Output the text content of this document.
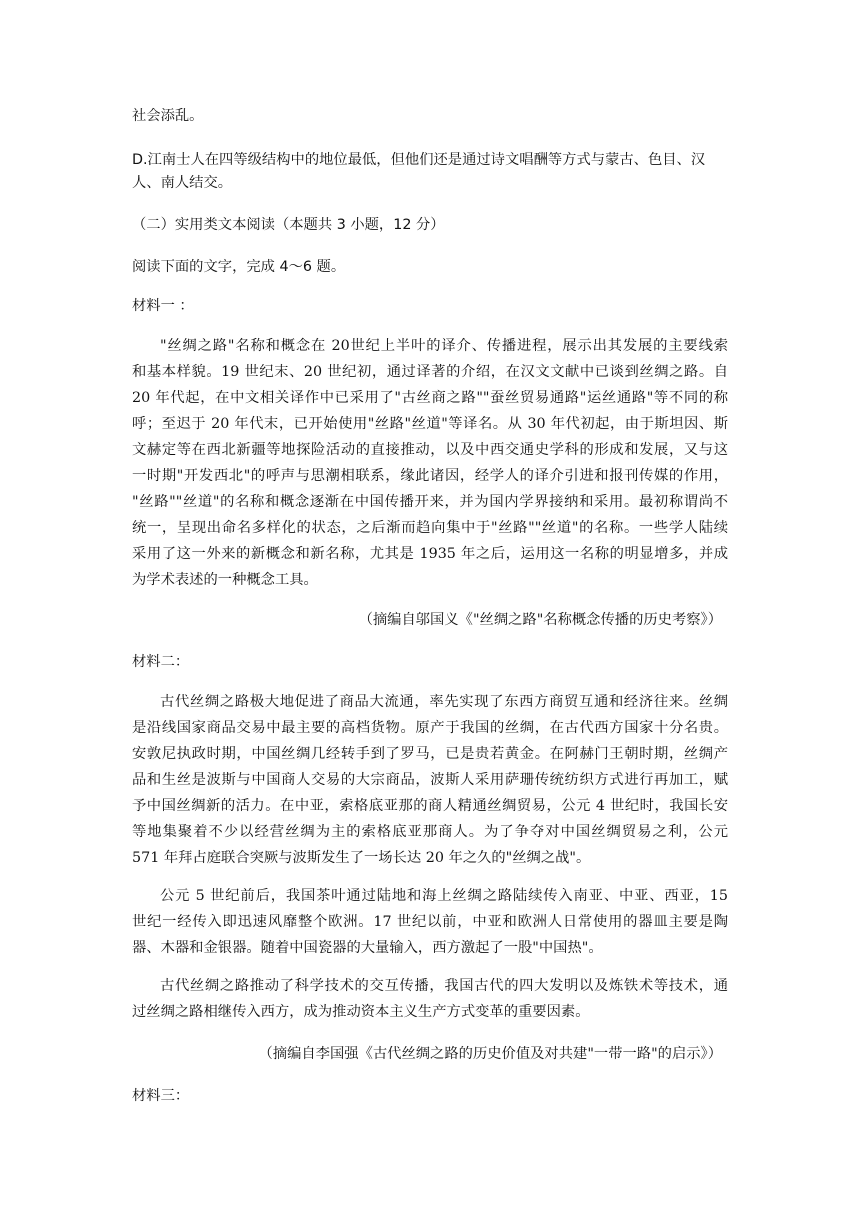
社会添乱。
D.江南士人在四等级结构中的地位最低，但他们还是通过诗文唱酬等方式与蒙古、色目、汉
人、南人结交。
（二）实用类文本阅读（本题共 3 小题，12 分）
阅读下面的文字，完成 4～6 题。
材料一 ：
"丝绸之路"名称和概念在 20世纪上半叶的译介、传播进程，展示出其发展的主要线索
和基本样貌。19 世纪末、20 世纪初，通过译著的介绍，在汉文文献中已谈到丝绸之路。自
20 年代起，在中文相关译作中已采用了"古丝商之路""蚕丝贸易通路"运丝通路"等不同的称
呼；至迟于 20 年代末，已开始使用"丝路"丝道"等译名。从 30 年代初起，由于斯坦因、斯
文赫定等在西北新疆等地探险活动的直接推动，以及中西交通史学科的形成和发展，又与这
一时期"开发西北"的呼声与思潮相联系，缘此诸因，经学人的译介引进和报刊传媒的作用，
"丝路""丝道"的名称和概念逐渐在中国传播开来，并为国内学界接纳和采用。最初称谓尚不
统一，呈现出命名多样化的状态，之后渐而趋向集中于"丝路""丝道"的名称。一些学人陆续
采用了这一外来的新概念和新名称，尤其是 1935 年之后，运用这一名称的明显增多，并成
为学术表述的一种概念工具。
（摘编自邬国义《"丝绸之路"名称概念传播的历史考察》）
材料二：
古代丝绸之路极大地促进了商品大流通，率先实现了东西方商贸互通和经济往来。丝绸
是沿线国家商品交易中最主要的高档货物。原产于我国的丝绸，在古代西方国家十分名贵。
安敦尼执政时期，中国丝绸几经转手到了罗马，已是贵若黄金。在阿赫门王朝时期，丝绸产
品和生丝是波斯与中国商人交易的大宗商品，波斯人采用萨珊传统纺织方式进行再加工，赋
予中国丝绸新的活力。在中亚，索格底亚那的商人精通丝绸贸易，公元 4 世纪时，我国长安
等地集聚着不少以经营丝绸为主的索格底亚那商人。为了争夺对中国丝绸贸易之利，公元
571 年拜占庭联合突厥与波斯发生了一场长达 20 年之久的"丝绸之战"。
公元 5 世纪前后，我国茶叶通过陆地和海上丝绸之路陆续传入南亚、中亚、西亚，15
世纪一经传入即迅速风靡整个欧洲。17 世纪以前，中亚和欧洲人日常使用的器皿主要是陶
器、木器和金银器。随着中国瓷器的大量输入，西方激起了一股"中国热"。
古代丝绸之路推动了科学技术的交互传播，我国古代的四大发明以及炼铁术等技术，通
过丝绸之路相继传入西方，成为推动资本主义生产方式变革的重要因素。
（摘编自李国强《古代丝绸之路的历史价值及对共建"一带一路"的启示》）
材料三：
